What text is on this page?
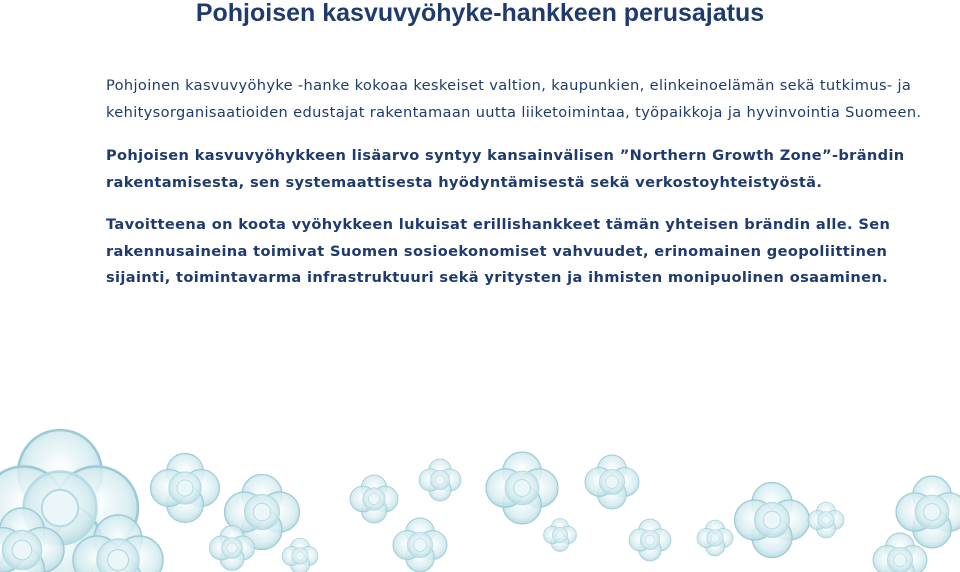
Pohjoisen kasvuvyöhyke-hankkeen perusajatus

Pohjoinen kasvuvyöhyke -hanke kokoaa keskeiset valtion, kaupunkien, elinkeinoelämän sekä tutkimus- ja kehitysorganisaatioiden edustajat rakentamaan uutta liiketoimintaa, työpaikkoja ja hyvinvointia Suomeen.

Pohjoisen kasvuvyöhykkeen lisäarvo syntyy kansainvälisen ”Northern Growth Zone”-brändin rakentamisesta, sen systemaattisesta hyödyntämisestä sekä verkostoyhteistyöstä.

Tavoitteena on koota vyöhykkeen lukuisat erillishankkeet tämän yhteisen brändin alle. Sen rakennusaineina toimivat Suomen sosioekonomiset vahvuudet, erinomainen geopoliittinen sijainti, toimintavarma infrastruktuuri sekä yritysten ja ihmisten monipuolinen osaaminen.
